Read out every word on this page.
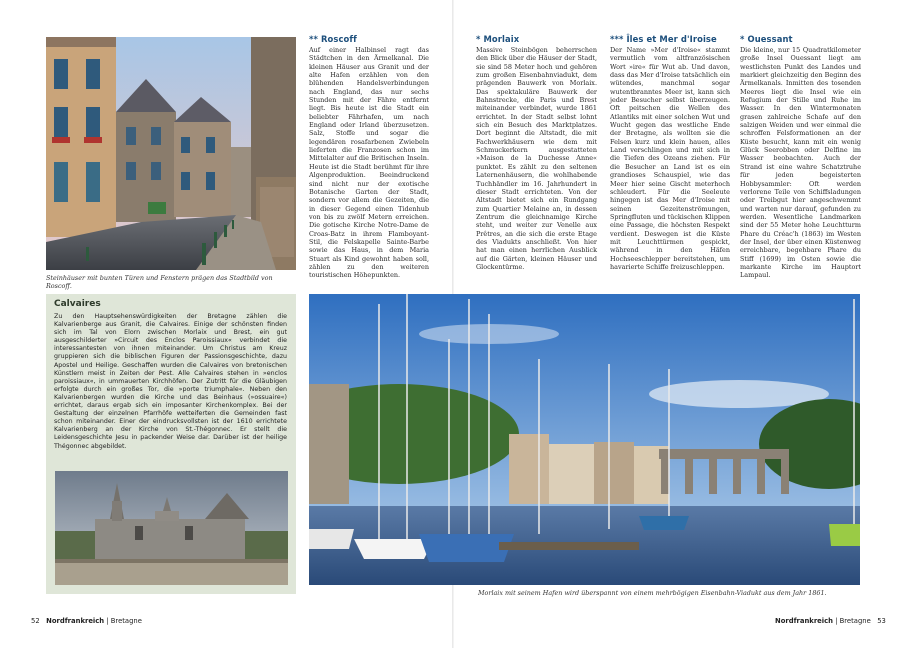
Steinhäuser mit bunten Türen und Fenstern prägen das Stadtbild von Roscoff.
** Roscoff

Auf einer Halbinsel ragt das Städtchen in den Ärmelkanal. Die kleinen Häuser aus Granit und der alte Hafen erzählen von den blühenden Handelsverbindungen nach England, das nur sechs Stunden mit der Fähre entfernt liegt. Bis heute ist die Stadt ein beliebter Fährhafen, um nach England oder Irland überzusetzen. Salz, Stoffe und sogar die legendären rosafarbenen Zwiebeln lieferten die Franzosen schon im Mittelalter auf die Britischen Inseln. Heute ist die Stadt berühmt für ihre Algenproduktion. Beeindruckend sind nicht nur der exotische Botanische Garten der Stadt, sondern vor allem die Gezeiten, die in dieser Gegend einen Tidenhub von bis zu zwölf Metern erreichen. Die gotische Kirche Notre-Dame de Croas-Batz in ihrem Flamboyant-Stil, die Felskapelle Sainte-Barbe sowie das Haus, in dem Maria Stuart als Kind gewohnt haben soll, zählen zu den weiteren touristischen Höhepunkten.

* Morlaix

Massive Steinbögen beherrschen den Blick über die Häuser der Stadt, sie sind 58 Meter hoch und gehören zum großen Eisenbahnviadukt, dem prägenden Bauwerk von Morlaix. Das spektakuläre Bauwerk der Bahnstrecke, die Paris und Brest miteinander verbindet, wurde 1861 errichtet. In der Stadt selbst lohnt sich ein Besuch des Marktplatzes. Dort beginnt die Altstadt, die mit Fachwerkhäusern wie dem mit Schmuckerkern ausgestatteten »Maison de la Duchesse Anne« punktet. Es zählt zu den seltenen Laternenhäusern, die wohlhabende Tuchhändler im 16. Jahrhundert in dieser Stadt errichteten. Von der Altstadt bietet sich ein Rundgang zum Quartier Melaine an, in dessen Zentrum die gleichnamige Kirche steht, und weiter zur Venelle aux Prêtres, an die sich die erste Etage des Viadukts anschließt. Von hier hat man einen herrlichen Ausblick auf die Gärten, kleinen Häuser und Glockentürme.

*** Îles et Mer d'Iroise

Der Name »Mer d'Iroise« stammt vermutlich vom altfranzösischen Wort »ire« für Wut ab. Und davon, dass das Mer d'Iroise tatsächlich ein wütendes, manchmal sogar wutentbranntes Meer ist, kann sich jeder Besucher selbst überzeugen. Oft peitschen die Wellen des Atlantiks mit einer solchen Wut und Wucht gegen das westliche Ende der Bretagne, als wollten sie die Felsen kurz und klein hauen, alles Land verschlingen und mit sich in die Tiefen des Ozeans ziehen. Für die Besucher an Land ist es ein grandioses Schauspiel, wie das Meer hier seine Gischt meterhoch schleudert. Für die Seeleute hingegen ist das Mer d'Iroise mit seinen Gezeitenströmungen, Springfluten und tückischen Klippen eine Passage, die höchsten Respekt verdient. Deswegen ist die Küste mit Leuchttürmen gespickt, während in den Häfen Hochseeschlepper bereitstehen, um havarierte Schiffe freizuschleppen.

* Ouessant

Die kleine, nur 15 Quadratkilometer große Insel Ouessant liegt am westlichsten Punkt des Landes und markiert gleichzeitig den Beginn des Ärmelkanals. Inmitten des tosenden Meeres liegt die Insel wie ein Refugium der Stille und Ruhe im Wasser. In den Wintermonaten grasen zahlreiche Schafe auf den salzigen Weiden und wer einmal die schroffen Felsformationen an der Küste besucht, kann mit ein wenig Glück Seerobben oder Delfine im Wasser beobachten. Auch der Strand ist eine wahre Schatztruhe für jeden begeisterten Hobbysammler: Oft werden verlorene Teile von Schiffsladungen oder Treibgut hier angeschwemmt und warten nur darauf, gefunden zu werden. Wesentliche Landmarken sind der 55 Meter hohe Leuchtturm Phare du Créac'h (1863) im Westen der Insel, der über einen Küstenweg erreichbare, begehbare Phare du Stiff (1699) im Osten sowie die markante Kirche im Hauptort Lampaul.

Calvaires

Zu den Hauptsehenswürdigkeiten der Bretagne zählen die Kalvarienberge aus Granit, die Calvaires. Einige der schönsten finden sich im Tal von Elorn zwischen Morlaix und Brest, ein gut ausgeschilderter »Circuit des Enclos Paroissiaux« verbindet die interessantesten von ihnen miteinander. Um Christus am Kreuz gruppieren sich die biblischen Figuren der Passionsgeschichte, dazu Apostel und Heilige. Geschaffen wurden die Calvaires von bretonischen Künstlern meist in Zeiten der Pest. Alle Calvaires stehen in »enclos paroissiaux«, in ummauerten Kirchhöfen. Der Zutritt für die Gläubigen erfolgte durch ein großes Tor, die »porte triumphale«. Neben den Kalvarienbergen wurden die Kirche und das Beinhaus (»ossuaire«) errichtet, daraus ergab sich ein imposanter Kirchenkomplex. Bei der Gestaltung der einzelnen Pfarrhöfe wetteiferten die Gemeinden fast schon miteinander. Einer der eindrucksvollsten ist der 1610 errichtete Kalvarienberg an der Kirche von St.-Thégonnec. Er stellt die Leidensgeschichte Jesu in packender Weise dar. Darüber ist der heilige Thégonnec abgebildet.

Morlaix mit seinem Hafen wird überspannt von einem mehrbögigen Eisenbahn-Viadukt aus dem Jahr 1861.
52 Nordfrankreich | Bretagne	Nordfrankreich | Bretagne 53
